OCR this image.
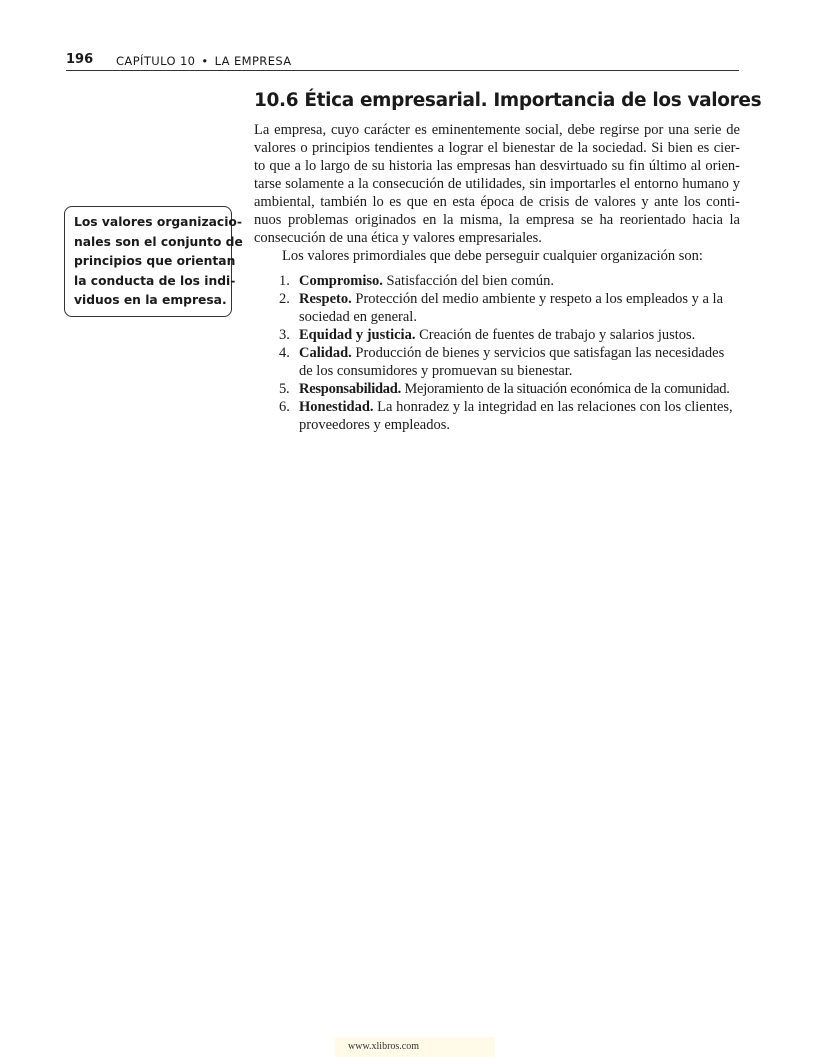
196 CAPÍTULO 10 • LA EMPRESA
10.6 Ética empresarial. Importancia de los valores

La empresa, cuyo carácter es eminentemente social, debe regirse por una serie de valores o principios tendientes a lograr el bienestar de la sociedad. Si bien es cier- to que a lo largo de su historia las empresas han desvirtuado su fin último al orien- tarse solamente a la consecución de utilidades, sin importarles el entorno humano y ambiental, también lo es que en esta época de crisis de valores y ante los conti- nuos problemas originados en la misma, la empresa se ha reorientado hacia la consecución de una ética y valores empresariales.

Los valores primordiales que debe perseguir cualquier organización son:

1. Compromiso. Satisfacción del bien común.
2. Respeto. Protección del medio ambiente y respeto a los empleados y a la sociedad en general.
3. Equidad y justicia. Creación de fuentes de trabajo y salarios justos.
4. Calidad. Producción de bienes y servicios que satisfagan las necesidades de los consumidores y promuevan su bienestar.
5. Responsabilidad. Mejoramiento de la situación económica de la comunidad.
6. Honestidad. La honradez y la integridad en las relaciones con los clientes, proveedores y empleados.
Los valores organizacio-
nales son el conjunto de
principios que orientan
la conducta de los indi-
viduos en la empresa.
www.xlibros.com
